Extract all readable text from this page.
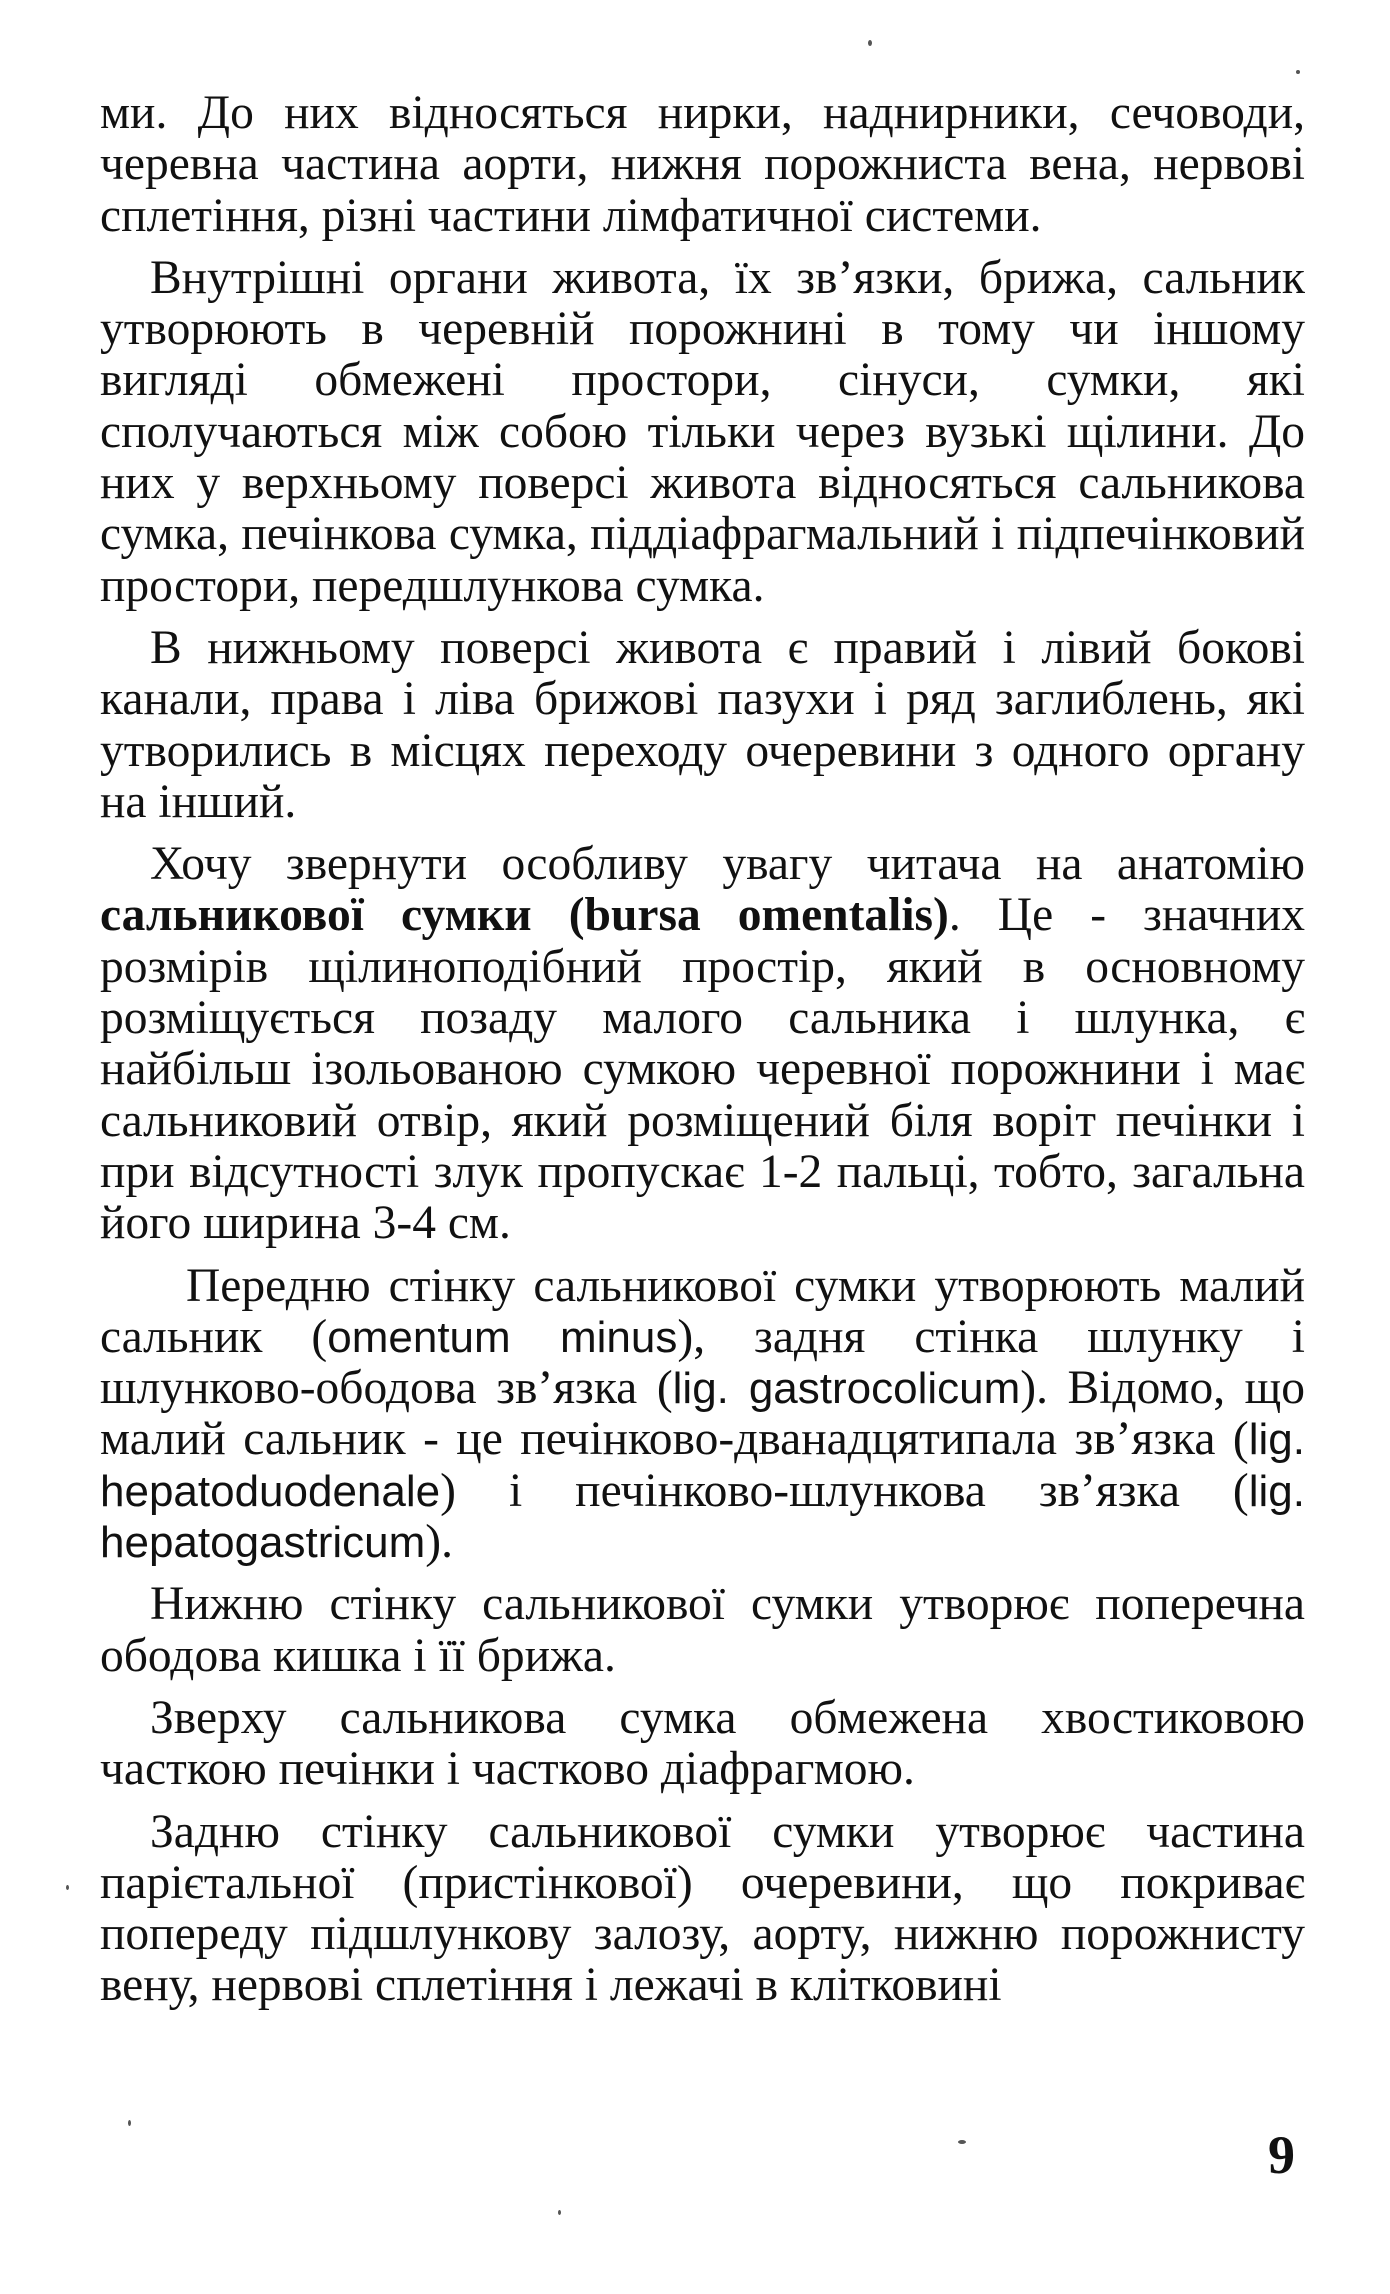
ми. До них відносяться нирки, наднирники, сечоводи, черевна частина аорти, нижня порожниста вена, нервові сплетіння, різні частини лімфатичної системи.

Внутрішні органи живота, їх зв’язки, брижа, сальник утворюють в черевній порожнині в тому чи іншому вигляді обмежені простори, сінуси, сумки, які сполучаються між собою тільки через вузькі щілини. До них у верхньому поверсі живота відносяться сальникова сумка, печінкова сумка, піддіафрагмальний і підпечінковий простори, передшлункова сумка.

В нижньому поверсі живота є правий і лівий бокові канали, права і ліва брижові пазухи і ряд заглиблень, які утворились в місцях переходу очеревини з одного органу на інший.

Хочу звернути особливу увагу читача на анатомію сальникової сумки (bursa omentalis). Це - значних розмірів щілиноподібний простір, який в основному розміщується позаду малого сальника і шлунка, є найбільш ізольованою сумкою черевної порожнини і має сальниковий отвір, який розміщений біля воріт печінки і при відсутності злук пропускає 1-2 пальці, тобто, загальна його ширина 3-4 см.

Передню стінку сальникової сумки утворюють малий сальник (omentum minus), задня стінка шлунку і шлунково-ободова зв’язка (lig. gastrocolicum). Відомо, що малий сальник - це печінково-дванадцятипала зв’язка (lig. hepatoduodenale) і печінково-шлункова зв’язка (lig. hepatogastricum).

Нижню стінку сальникової сумки утворює поперечна ободова кишка і її брижа.

Зверху сальникова сумка обмежена хвостиковою часткою печінки і частково діафрагмою.

Задню стінку сальникової сумки утворює частина парієтальної (пристінкової) очеревини, що покриває попереду підшлункову залозу, аорту, нижню порожнисту вену, нервові сплетіння і лежачі в клітковині

9
